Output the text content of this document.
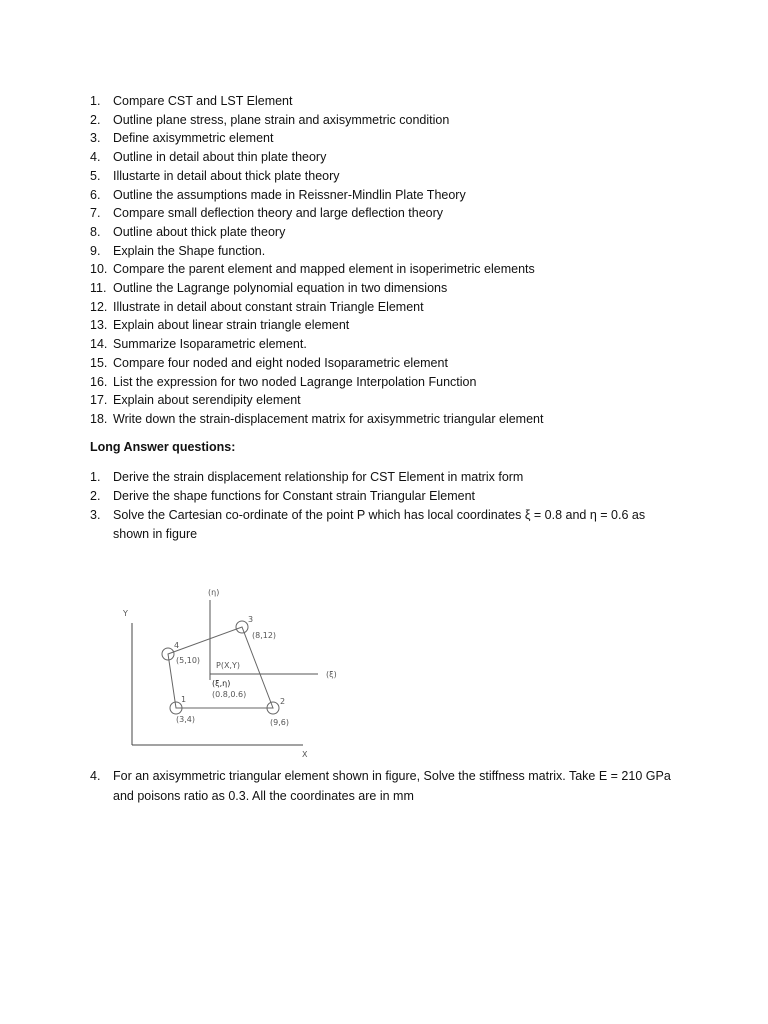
1. Compare CST and LST Element
2. Outline plane stress, plane strain and axisymmetric condition
3. Define axisymmetric element
4. Outline in detail about thin plate theory
5. Illustarte in detail about thick plate theory
6. Outline the assumptions made in Reissner-Mindlin Plate Theory
7. Compare small deflection theory and large deflection theory
8. Outline about thick plate theory
9. Explain the Shape function.
10. Compare the parent element and mapped element in isoperimetric elements
11. Outline the Lagrange polynomial equation in two dimensions
12. Illustrate in detail about constant strain Triangle Element
13. Explain about linear strain triangle element
14. Summarize Isoparametric element.
15. Compare four noded and eight noded Isoparametric element
16. List the expression for two noded Lagrange Interpolation Function
17. Explain about serendipity element
18. Write down the strain-displacement matrix for axisymmetric triangular element
Long Answer questions:
1. Derive the strain displacement relationship for CST Element in matrix form
2. Derive the shape functions for Constant strain Triangular Element
3. Solve the Cartesian co-ordinate of the point P which has local coordinates ξ = 0.8 and η = 0.6 as shown in figure
Y
X
(η)
(ξ)
4
3
1	2
(5,10)
(8,12)
(3,4)	(9,6)
P(X,Y)
(ξ,η)
(0.8,0.6)
4. For an axisymmetric triangular element shown in figure, Solve the stiffness matrix. Take E = 210 GPa and poisons ratio as 0.3. All the coordinates are in mm
